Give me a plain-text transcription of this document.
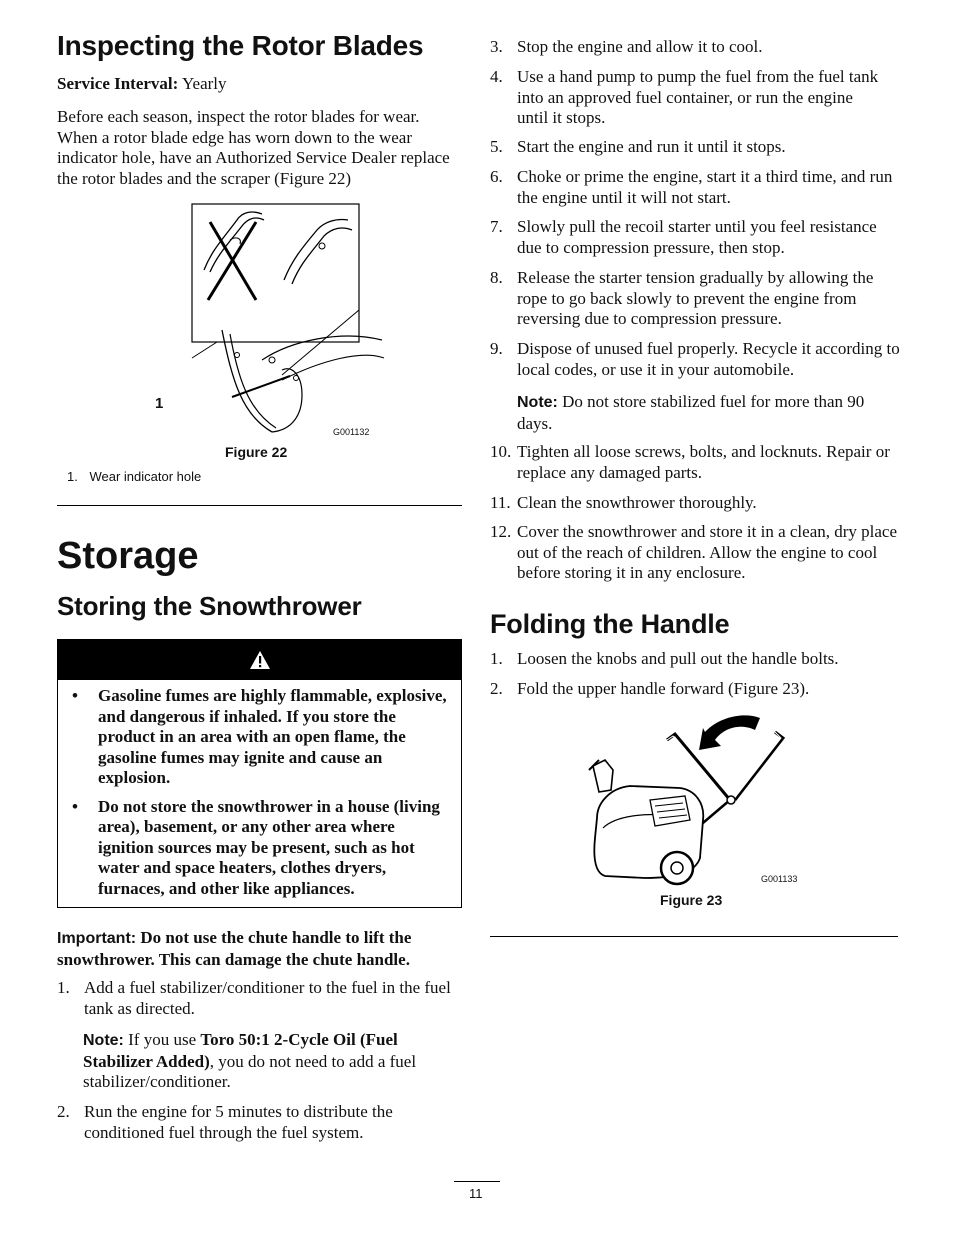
Inspecting the Rotor Blades

Service Interval: Yearly

Before each season, inspect the rotor blades for wear. When a rotor blade edge has worn down to the wear indicator hole, have an Authorized Service Dealer replace the rotor blades and the scraper (Figure 22)

1
G001132
Figure 22
1. Wear indicator hole
Storage
Storing the Snowthrower
• Gasoline fumes are highly flammable, explosive, and dangerous if inhaled. If you store the product in an area with an open flame, the gasoline fumes may ignite and cause an explosion.
• Do not store the snowthrower in a house (living area), basement, or any other area where ignition sources may be present, such as hot water and space heaters, clothes dryers, furnaces, and other like appliances.

Important: Do not use the chute handle to lift the snowthrower. This can damage the chute handle.

1. Add a fuel stabilizer/conditioner to the fuel in the fuel tank as directed.
Note: If you use Toro 50:1 2-Cycle Oil (Fuel Stabilizer Added), you do not need to add a fuel stabilizer/conditioner.
2. Run the engine for 5 minutes to distribute the conditioned fuel through the fuel system.
3. Stop the engine and allow it to cool.
4. Use a hand pump to pump the fuel from the fuel tank into an approved fuel container, or run the engine until it stops.
5. Start the engine and run it until it stops.
6. Choke or prime the engine, start it a third time, and run the engine until it will not start.
7. Slowly pull the recoil starter until you feel resistance due to compression pressure, then stop.
8. Release the starter tension gradually by allowing the rope to go back slowly to prevent the engine from reversing due to compression pressure.
9. Dispose of unused fuel properly. Recycle it according to local codes, or use it in your automobile.
Note: Do not store stabilized fuel for more than 90 days.
10. Tighten all loose screws, bolts, and locknuts. Repair or replace any damaged parts.
11. Clean the snowthrower thoroughly.
12. Cover the snowthrower and store it in a clean, dry place out of the reach of children. Allow the engine to cool before storing it in any enclosure.
Folding the Handle
1. Loosen the knobs and pull out the handle bolts.
2. Fold the upper handle forward (Figure 23).
G001133
Figure 23
11
